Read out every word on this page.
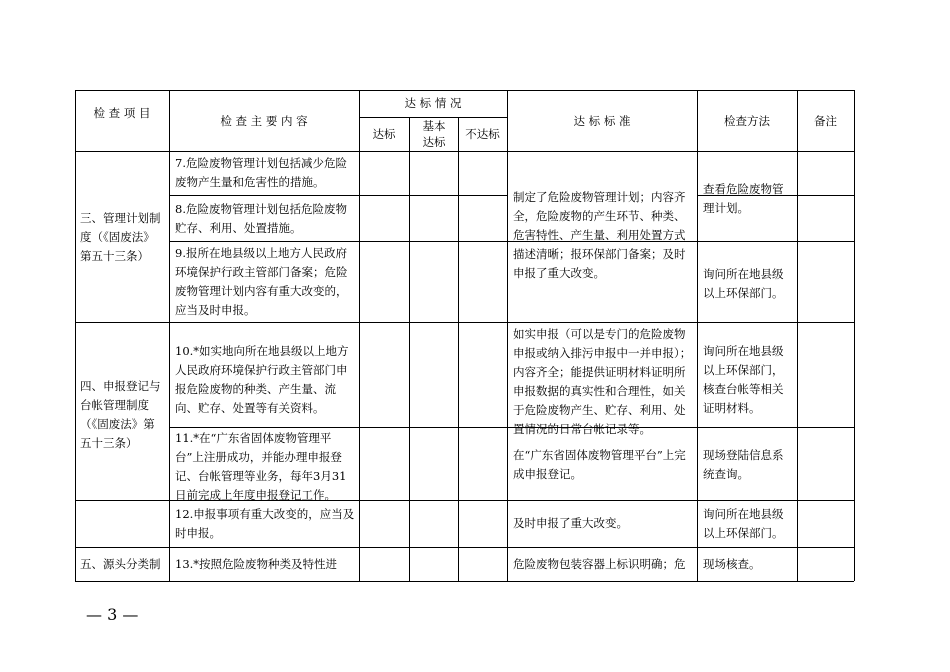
检 查 项 目
检 查 主 要 内 容
达 标 情 况
达标
基本达标
不达标
达 标 标 准	检查方法	备注
三、管理计划制度（《固废法》第五十三条）
四、申报登记与台帐管理制度（《固废法》第五十三条）
五、源头分类制
7.危险废物管理计划包括减少危险废物产生量和危害性的措施。
8.危险废物管理计划包括危险废物贮存、利用、处置措施。
9.报所在地县级以上地方人民政府环境保护行政主管部门备案；危险废物管理计划内容有重大改变的，应当及时申报。
10.*如实地向所在地县级以上地方人民政府环境保护行政主管部门申报危险废物的种类、产生量、流向、贮存、处置等有关资料。
11.*在“广东省固体废物管理平台”上注册成功，并能办理申报登记、台帐管理等业务，每年3月31日前完成上年度申报登记工作。
12.申报事项有重大改变的，应当及时申报。
13.*按照危险废物种类及特性进
制定了危险废物管理计划；内容齐全，危险废物的产生环节、种类、危害特性、产生量、利用处置方式描述清晰；报环保部门备案；及时申报了重大改变。
如实申报（可以是专门的危险废物申报或纳入排污申报中一并申报）；内容齐全；能提供证明材料证明所申报数据的真实性和合理性，如关于危险废物产生、贮存、利用、处置情况的日常台帐记录等。
在“广东省固体废物管理平台”上完成申报登记。
及时申报了重大改变。
危险废物包装容器上标识明确；危
查看危险废物管理计划。
询问所在地县级以上环保部门。
询问所在地县级以上环保部门，核查台帐等相关证明材料。
现场登陆信息系统查询。
询问所在地县级以上环保部门。
现场核查。
— 3 —
